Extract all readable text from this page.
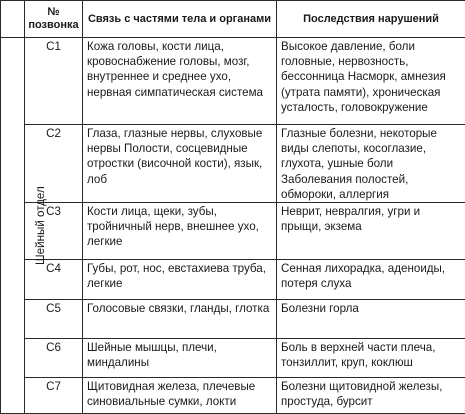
	№ позвонка	Связь с частями тела и органами	Последствия нарушений
Шейный отдел	C1	Кожа головы, кости лица, кровоснабжение головы, мозг, внутреннее и среднее ухо, нервная симпатическая система	Высокое давление, боли головные, нервозность, бессонница Насморк, амнезия (утрата памяти), хроническая усталость, головокружение
	C2	Глаза, глазные нервы, слуховые нервы Полости, сосцевидные отростки (височной кости), язык, лоб	Глазные болезни, некоторые виды слепоты, косоглазие, глухота, ушные боли Заболевания полостей, обмороки, аллергия
	C3	Кости лица, щеки, зубы, тройничный нерв, внешнее ухо, легкие	Неврит, невралгия, угри и прыщи, экзема
	C4	Губы, рот, нос, евстахиева труба, легкие	Сенная лихорадка, аденоиды, потеря слуха
	C5	Голосовые связки, гланды, глотка	Болезни горла
	C6	Шейные мышцы, плечи, миндалины	Боль в верхней части плеча, тонзиллит, круп, коклюш
	C7	Щитовидная железа, плечевые синовиальные сумки, локти	Болезни щитовидной железы, простуда, бурсит
